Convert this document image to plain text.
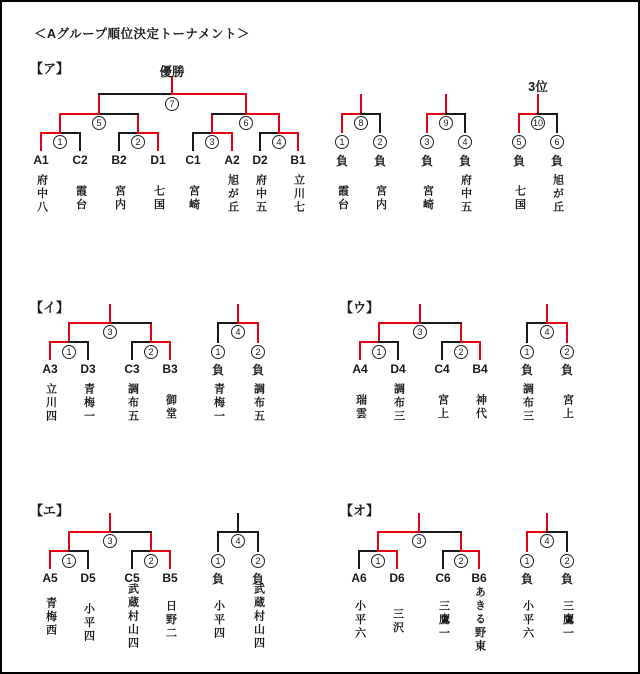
＜Aグループ順位決定トーナメント＞
【ア】	優勝
3位
7
5	6
1	2	3	4
8	9	10
A1 C2 B2 D1 C1 A2 D2 B1
府中八 霞台 宮内 七国 宮崎 旭が丘 府中五 立川七
1	2	3	4	5	6
負 負	負 負	負 負
霞台 宮内	宮崎 府中五	七国 旭が丘
【イ】
3
1	2
4
A3 D3 C3 B3
立川四 青梅一	調布五 御堂
1	2
負 負
青梅一	調布五
【ウ】
3
1	2
4
A4 D4 C4 B4
瑞雲 調布三	宮上 神代
1	2
負 負
調布三	宮上
【エ】
3
1	2
4
A5 D5 C5 B5
青梅西 小平四	武蔵村山四 日野二
1	2
負 負
小平四	武蔵村山四
【オ】
3
1	2
4
A6 D6	C6 B6
小平六 三沢	三鷹一 あきる野東
1	2
負 負
小平六	三鷹一
